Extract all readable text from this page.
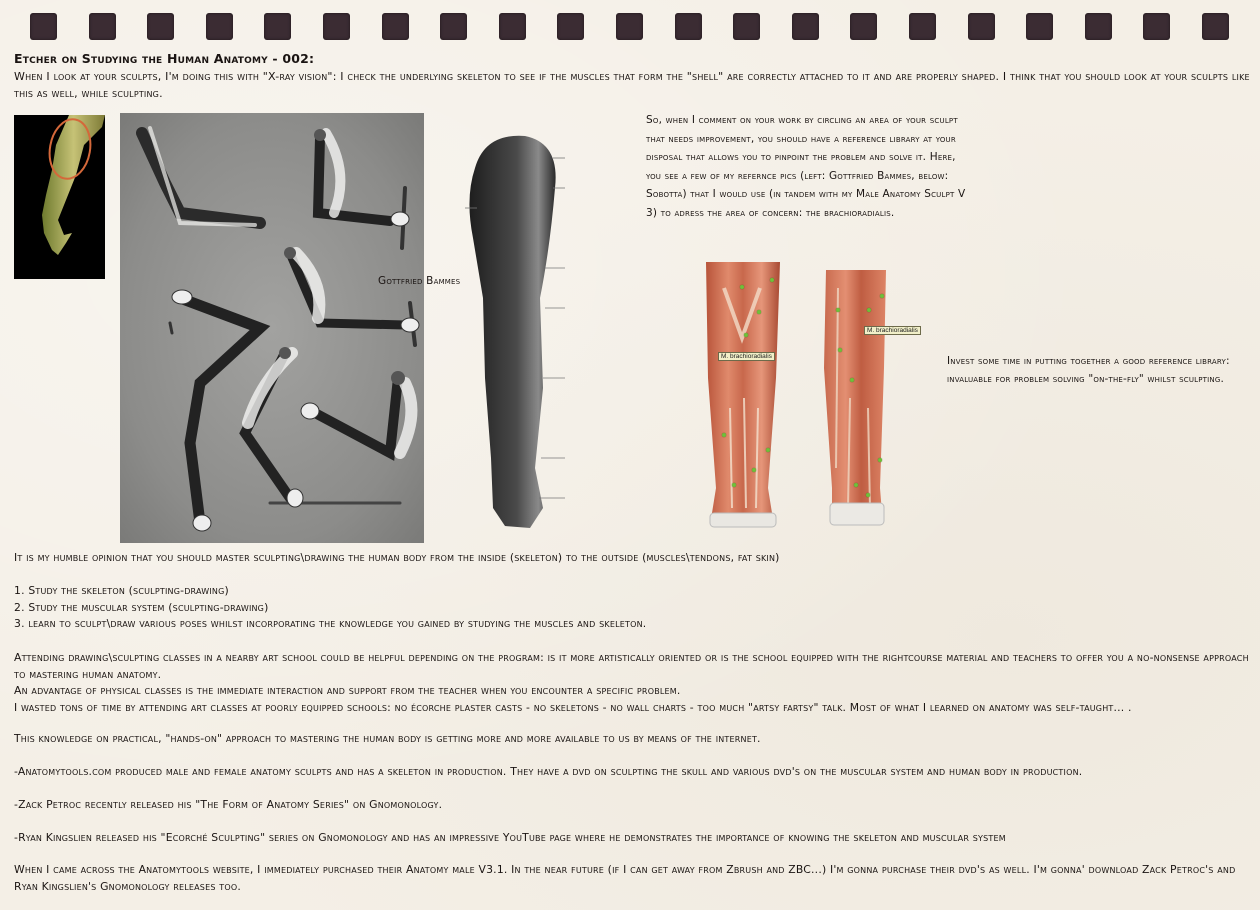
Etcher on Studying the Human Anatomy - 002:
When I look at your sculpts, I'm doing this with "X-ray vision": I check the underlying skeleton to see if the muscles that form the "shell" are correctly attached to it and are properly shaped. I think that you should look at your sculpts like this as well, while sculpting.
Gottfried Bammes
So, when I comment on your work by circling an area of your sculpt that needs improvement, you should have a reference library at your disposal that allows you to pinpoint the problem and solve it. Here, you see a few of my refernce pics (left: Gottfried Bammes, below: Sobotta) that I would use (in tandem with my Male Anatomy Sculpt V 3) to adress the area of concern: the brachioradialis.
M. brachioradialis
M. brachioradialis
Invest some time in putting together a good reference library: invaluable for problem solving "on-the-fly" whilst sculpting.
It is my humble opinion that you should master sculpting\drawing the human body from the inside (skeleton) to the outside (muscles\tendons, fat skin)
1. Study the skeleton (sculpting-drawing)
2. Study the muscular system (sculpting-drawing)
3. learn to sculpt\draw various poses whilst incorporating the knowledge you gained by studying the muscles and skeleton.
Attending drawing\sculpting classes in a nearby art school could be helpful depending on the program: is it more artistically oriented or is the school equipped with the rightcourse material and teachers to offer you a no-nonsense approach to mastering human anatomy.
An advantage of physical classes is the immediate interaction and support from the teacher when you encounter a specific problem.
I wasted tons of time by attending art classes at poorly equipped schools: no écorche plaster casts - no skeletons - no wall charts - too much "artsy fartsy" talk. Most of what I learned on anatomy was self-taught... .
This knowledge on practical, "hands-on" approach to mastering the human body is getting more and more available to us by means of the internet.
-Anatomytools.com produced male and female anatomy sculpts and has a skeleton in production. They have a dvd on sculpting the skull and various dvd's on the muscular system and human body in production.
-Zack Petroc recently released his "The Form of Anatomy Series" on Gnomonology.
-Ryan Kingslien released his "Ecorché Sculpting" series on Gnomonology and has an impressive YouTube page where he demonstrates the importance of knowing the skeleton and muscular system
When I came across the Anatomytools website, I immediately purchased their Anatomy male V3.1. In the near future (if I can get away from Zbrush and ZBC...) I'm gonna purchase their dvd's as well. I'm gonna' download Zack Petroc's and Ryan Kingslien's Gnomonology releases too.
